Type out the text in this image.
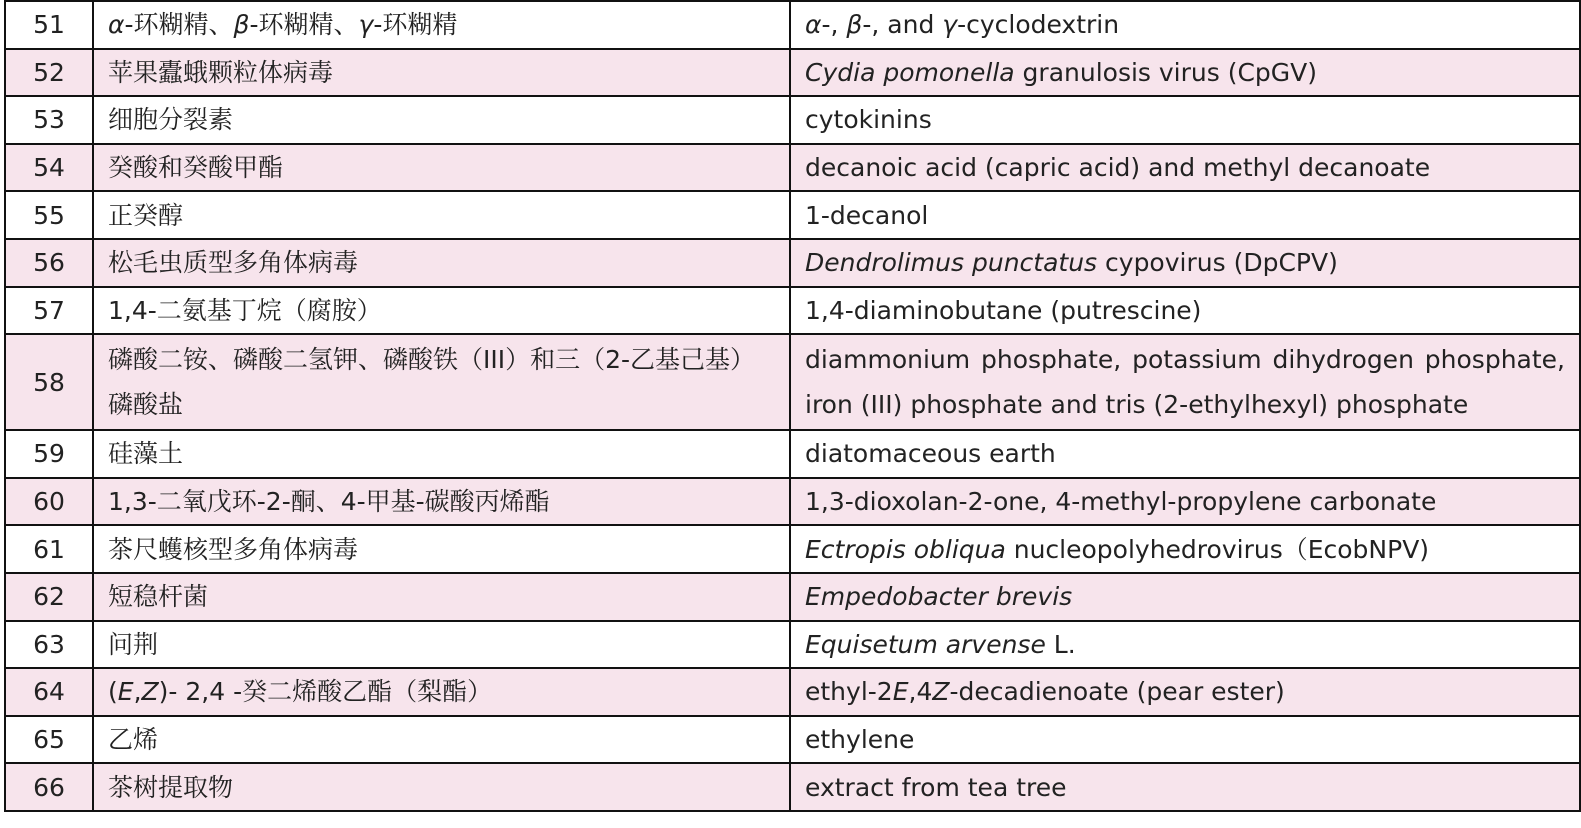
51	α-环糊精、β-环糊精、γ-环糊精	α-, β-, and γ-cyclodextrin
52	苹果蠹蛾颗粒体病毒	Cydia pomonella granulosis virus (CpGV)
53	细胞分裂素	cytokinins
54	癸酸和癸酸甲酯	decanoic acid (capric acid) and methyl decanoate
55	正癸醇	1-decanol
56	松毛虫质型多角体病毒	Dendrolimus punctatus cypovirus (DpCPV)
57	1,4-二氨基丁烷（腐胺）	1,4-diaminobutane (putrescine)
58	磷酸二铵、磷酸二氢钾、磷酸铁（III）和三（2-乙基己基）磷酸盐	diammonium phosphate, potassium dihydrogen phosphate, iron (III) phosphate and tris (2-ethylhexyl) phosphate
59	硅藻土	diatomaceous earth
60	1,3-二氧戊环-2-酮、4-甲基-碳酸丙烯酯	1,3-dioxolan-2-one, 4-methyl-propylene carbonate
61	茶尺蠖核型多角体病毒	Ectropis obliqua nucleopolyhedrovirus（EcobNPV)
62	短稳杆菌	Empedobacter brevis
63	问荆	Equisetum arvense L.
64	(E,Z)- 2,4 -癸二烯酸乙酯（梨酯）	ethyl-2E,4Z-decadienoate (pear ester)
65	乙烯	ethylene
66	茶树提取物	extract from tea tree
